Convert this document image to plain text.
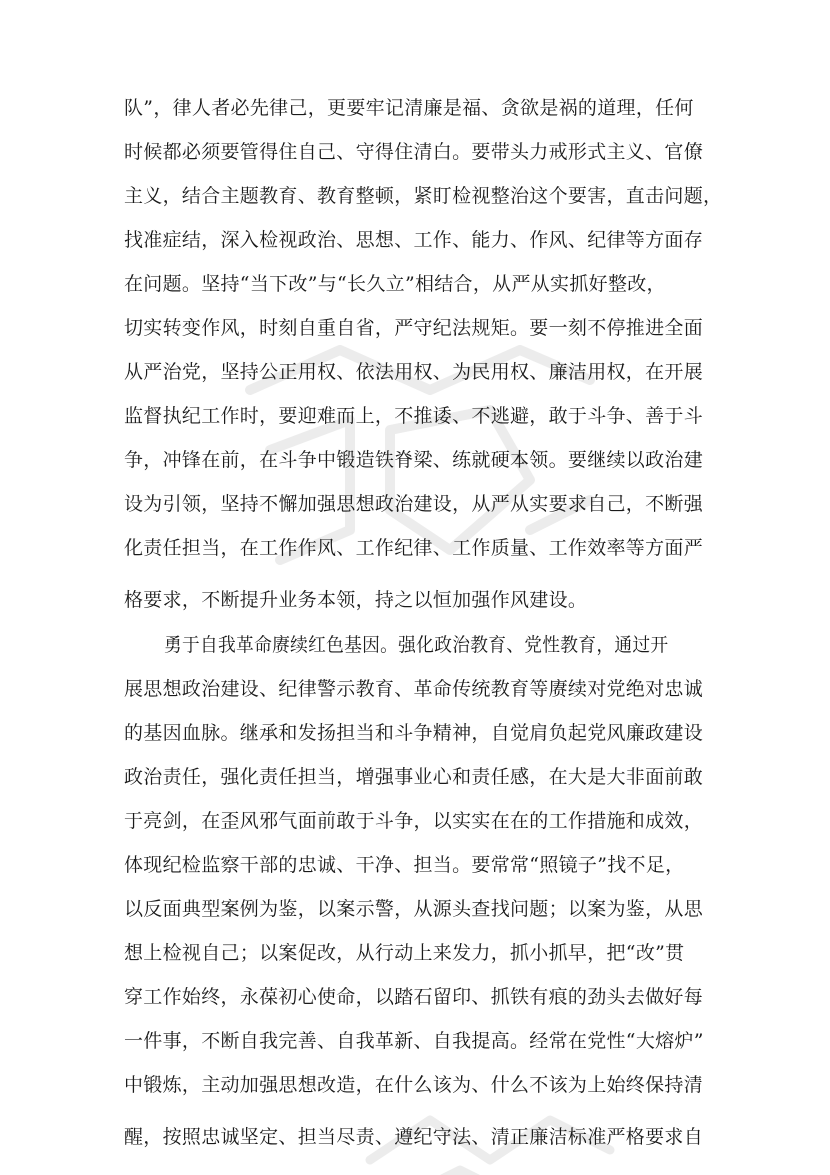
队”，律人者必先律己，更要牢记清廉是福、贪欲是祸的道理，任何
时候都必须要管得住自己、守得住清白。要带头力戒形式主义、官僚
主义，结合主题教育、教育整顿，紧盯检视整治这个要害，直击问题，
找准症结，深入检视政治、思想、工作、能力、作风、纪律等方面存
在问题。坚持“当下改”与“长久立”相结合，从严从实抓好整改，
切实转变作风，时刻自重自省，严守纪法规矩。要一刻不停推进全面
从严治党，坚持公正用权、依法用权、为民用权、廉洁用权，在开展
监督执纪工作时，要迎难而上，不推诿、不逃避，敢于斗争、善于斗
争，冲锋在前，在斗争中锻造铁脊梁、练就硬本领。要继续以政治建
设为引领，坚持不懈加强思想政治建设，从严从实要求自己，不断强
化责任担当，在工作作风、工作纪律、工作质量、工作效率等方面严
格要求，不断提升业务本领，持之以恒加强作风建设。
勇于自我革命赓续红色基因。强化政治教育、党性教育，通过开
展思想政治建设、纪律警示教育、革命传统教育等赓续对党绝对忠诚
的基因血脉。继承和发扬担当和斗争精神，自觉肩负起党风廉政建设
政治责任，强化责任担当，增强事业心和责任感，在大是大非面前敢
于亮剑，在歪风邪气面前敢于斗争，以实实在在的工作措施和成效，
体现纪检监察干部的忠诚、干净、担当。要常常“照镜子”找不足，
以反面典型案例为鉴，以案示警，从源头查找问题；以案为鉴，从思
想上检视自己；以案促改，从行动上来发力，抓小抓早，把“改”贯
穿工作始终，永葆初心使命，以踏石留印、抓铁有痕的劲头去做好每
一件事，不断自我完善、自我革新、自我提高。经常在党性“大熔炉”
中锻炼，主动加强思想改造，在什么该为、什么不该为上始终保持清
醒，按照忠诚坚定、担当尽责、遵纪守法、清正廉洁标准严格要求自
